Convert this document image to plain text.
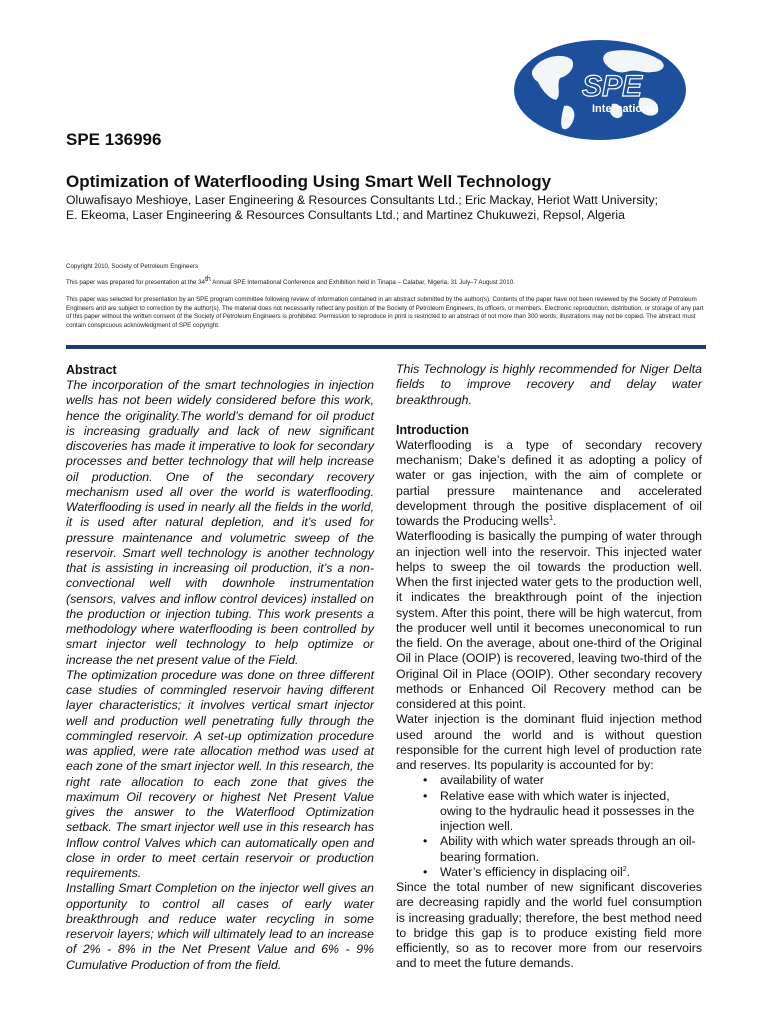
SPE
International
SPE 136996
Optimization of Waterflooding Using Smart Well Technology
Oluwafisayo Meshioye, Laser Engineering & Resources Consultants Ltd.; Eric Mackay, Heriot Watt University;
E. Ekeoma, Laser Engineering & Resources Consultants Ltd.; and Martinez Chukuwezi, Repsol, Algeria

Copyright 2010, Society of Petroleum Engineers

This paper was prepared for presentation at the 34th Annual SPE International Conference and Exhibition held in Tinapa – Calabar, Nigeria, 31 July–7 August 2010.

This paper was selected for presentation by an SPE program committee following review of information contained in an abstract submitted by the author(s). Contents of the paper have not been reviewed by the Society of Petroleum Engineers and are subject to correction by the author(s). The material does not necessarily reflect any position of the Society of Petroleum Engineers, its officers, or members. Electronic reproduction, distribution, or storage of any part of this paper without the written consent of the Society of Petroleum Engineers is prohibited. Permission to reproduce in print is restricted to an abstract of not more than 300 words; illustrations may not be copied. The abstract must contain conspicuous acknowledgment of SPE copyright.

Abstract

The incorporation of the smart technologies in injection wells has not been widely considered before this work, hence the originality.The world’s demand for oil product is increasing gradually and lack of new significant discoveries has made it imperative to look for secondary processes and better technology that will help increase oil production. One of the secondary recovery mechanism used all over the world is waterflooding. Waterflooding is used in nearly all the fields in the world, it is used after natural depletion, and it’s used for pressure maintenance and volumetric sweep of the reservoir. Smart well technology is another technology that is assisting in increasing oil production, it’s a non-convectional well with downhole instrumentation (sensors, valves and inflow control devices) installed on the production or injection tubing. This work presents a methodology where waterflooding is been controlled by smart injector well technology to help optimize or increase the net present value of the Field.

The optimization procedure was done on three different case studies of commingled reservoir having different layer characteristics; it involves vertical smart injector well and production well penetrating fully through the commingled reservoir. A set-up optimization procedure was applied, were rate allocation method was used at each zone of the smart injector well. In this research, the right rate allocation to each zone that gives the maximum Oil recovery or highest Net Present Value gives the answer to the Waterflood Optimization setback. The smart injector well use in this research has Inflow control Valves which can automatically open and close in order to meet certain reservoir or production requirements.

Installing Smart Completion on the injector well gives an opportunity to control all cases of early water breakthrough and reduce water recycling in some reservoir layers; which will ultimately lead to an increase of 2% - 8% in the Net Present Value and 6% - 9% Cumulative Production of from the field.

This Technology is highly recommended for Niger Delta fields to improve recovery and delay water breakthrough.

Introduction

Waterflooding is a type of secondary recovery mechanism; Dake’s defined it as adopting a policy of water or gas injection, with the aim of complete or partial pressure maintenance and accelerated development through the positive displacement of oil towards the Producing wells$^1$.

Waterflooding is basically the pumping of water through an injection well into the reservoir. This injected water helps to sweep the oil towards the production well. When the first injected water gets to the production well, it indicates the breakthrough point of the injection system. After this point, there will be high watercut, from the producer well until it becomes uneconomical to run the field. On the average, about one-third of the Original Oil in Place (OOIP) is recovered, leaving two-third of the Original Oil in Place (OOIP). Other secondary recovery methods or Enhanced Oil Recovery method can be considered at this point.

Water injection is the dominant fluid injection method used around the world and is without question responsible for the current high level of production rate and reserves. Its popularity is accounted for by:

• availability of water
• Relative ease with which water is injected, owing to the hydraulic head it possesses in the injection well.
• Ability with which water spreads through an oil-bearing formation.
• Water’s efficiency in displacing oil$^2$.

Since the total number of new significant discoveries are decreasing rapidly and the world fuel consumption is increasing gradually; therefore, the best method need to bridge this gap is to produce existing field more efficiently, so as to recover more from our reservoirs and to meet the future demands.
